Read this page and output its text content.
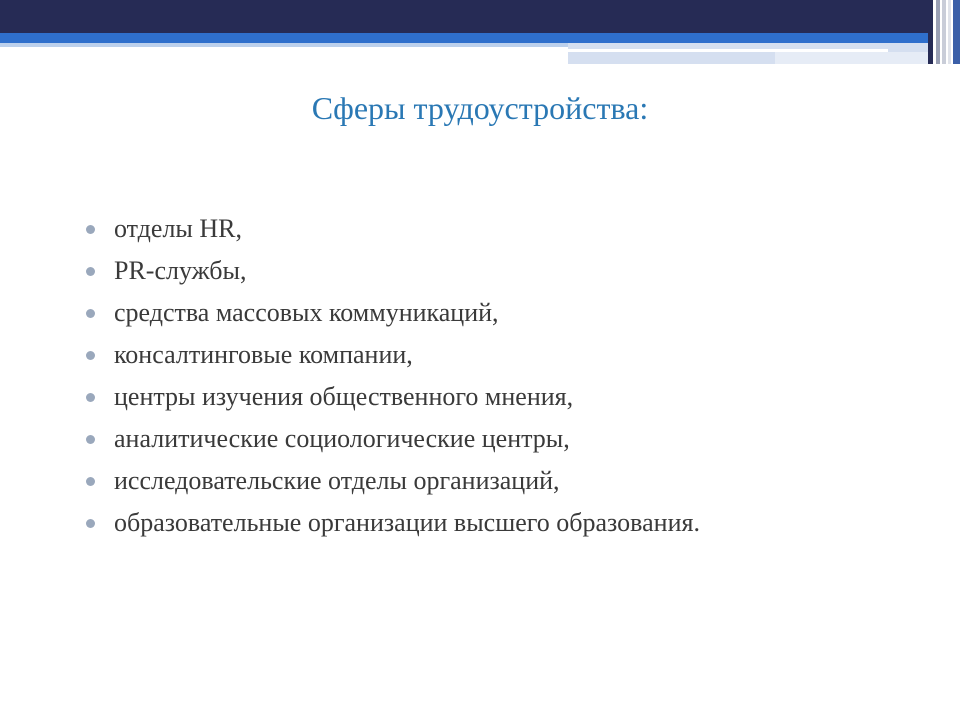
Сферы трудоустройства:
отделы HR,
PR-службы,
средства массовых коммуникаций,
консалтинговые компании,
центры изучения общественного мнения,
аналитические социологические центры,
исследовательские отделы организаций,
образовательные организации высшего образования.
